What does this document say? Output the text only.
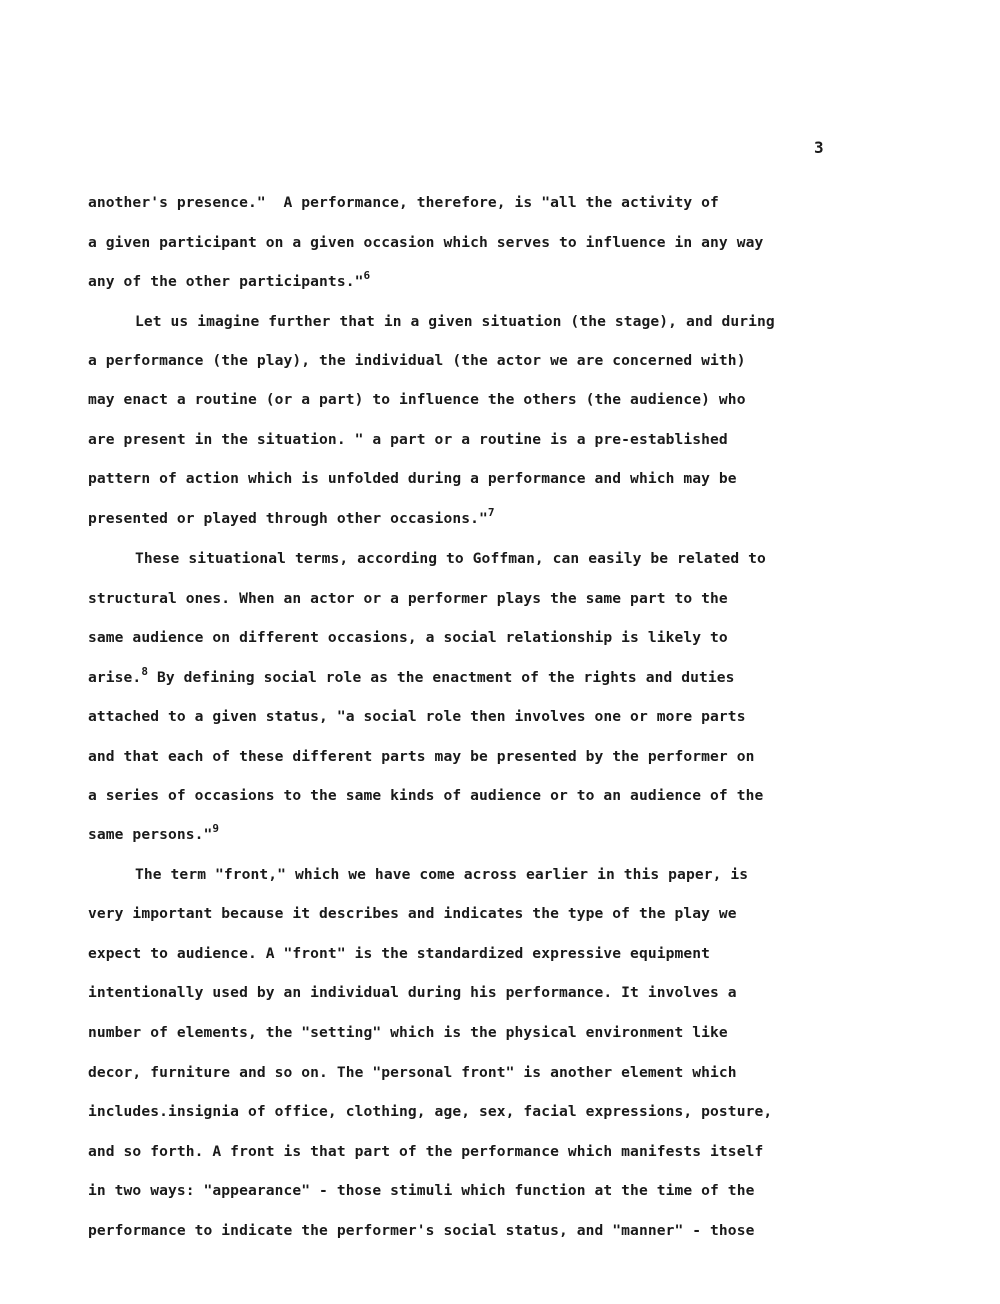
3
another's presence."  A performance, therefore, is "all the activity of
a given participant on a given occasion which serves to influence in any way
any of the other participants."$^6$
Let us imagine further that in a given situation (the stage), and during
a performance (the play), the individual (the actor we are concerned with)
may enact a routine (or a part) to influence the others (the audience) who
are present in the situation. " a part or a routine is a pre-established
pattern of action which is unfolded during a performance and which may be
presented or played through other occasions."$^7$
These situational terms, according to Goffman, can easily be related to
structural ones. When an actor or a performer plays the same part to the
same audience on different occasions, a social relationship is likely to
arise.$^8$ By defining social role as the enactment of the rights and duties
attached to a given status, "a social role then involves one or more parts
and that each of these different parts may be presented by the performer on
a series of occasions to the same kinds of audience or to an audience of the
same persons."$^9$
The term "front," which we have come across earlier in this paper, is
very important because it describes and indicates the type of the play we
expect to audience. A "front" is the standardized expressive equipment
intentionally used by an individual during his performance. It involves a
number of elements, the "setting" which is the physical environment like
decor, furniture and so on. The "personal front" is another element which
includes.insignia of office, clothing, age, sex, facial expressions, posture,
and so forth. A front is that part of the performance which manifests itself
in two ways: "appearance" - those stimuli which function at the time of the
performance to indicate the performer's social status, and "manner" - those
